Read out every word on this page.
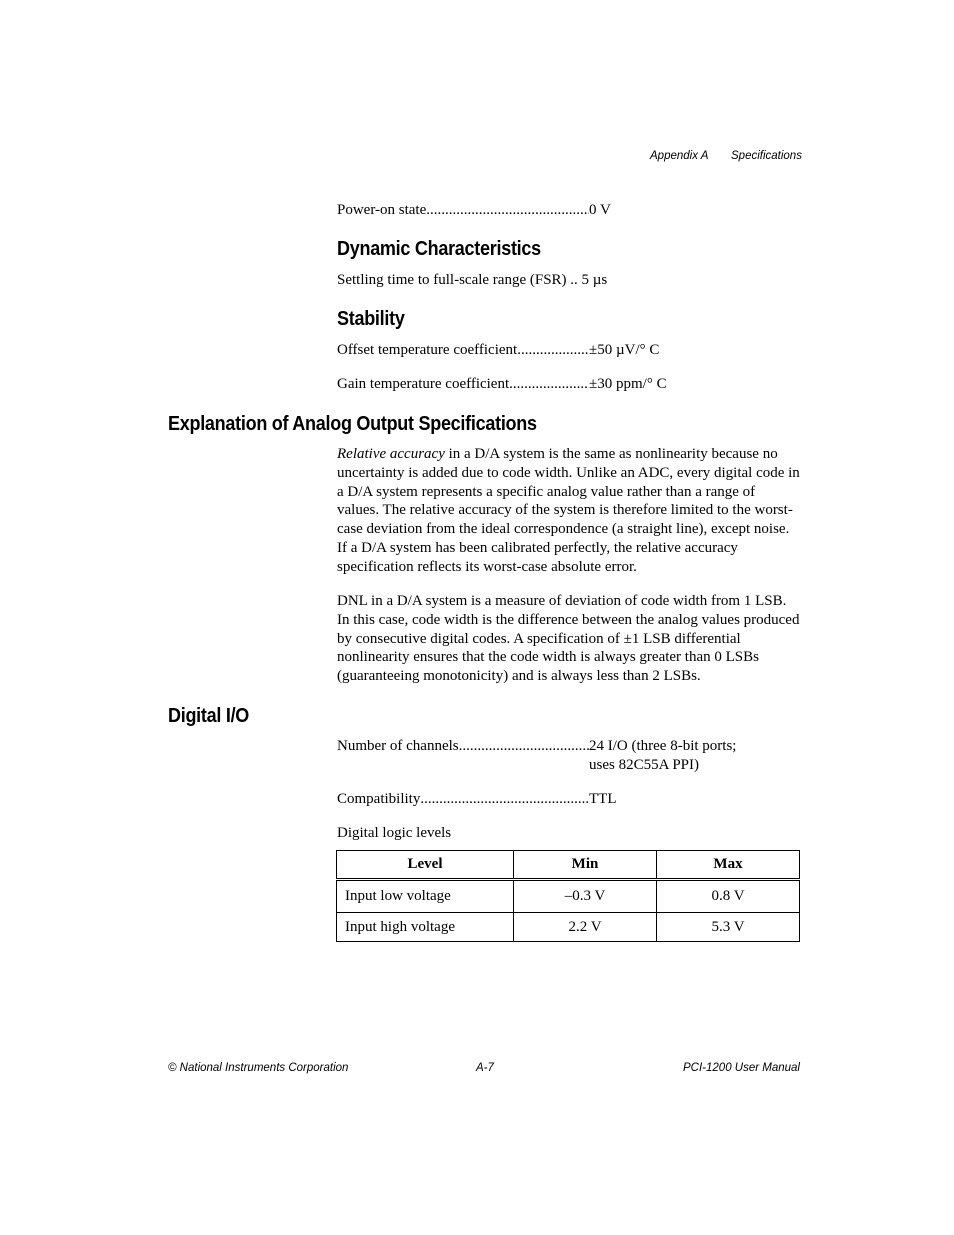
Appendix A Specifications
Power-on state .....	0 V
Dynamic Characteristics
Settling time to full-scale range (FSR) .. 5 µs
Stability
Offset temperature coefficient .....	±50 µV/° C
Gain temperature coefficient .....	±30 ppm/° C
Explanation of Analog Output Specifications
Relative accuracy in a D/A system is the same as nonlinearity because no uncertainty is added due to code width. Unlike an ADC, every digital code in a D/A system represents a specific analog value rather than a range of values. The relative accuracy of the system is therefore limited to the worst-case deviation from the ideal correspondence (a straight line), except noise. If a D/A system has been calibrated perfectly, the relative accuracy specification reflects its worst-case absolute error.
DNL in a D/A system is a measure of deviation of code width from 1 LSB. In this case, code width is the difference between the analog values produced by consecutive digital codes. A specification of ±1 LSB differential nonlinearity ensures that the code width is always greater than 0 LSBs (guaranteeing monotonicity) and is always less than 2 LSBs.
Digital I/O
Number of channels .....	24 I/O (three 8-bit ports;
uses 82C55A PPI)
Compatibility .....	TTL
Digital logic levels
Level	Min	Max
Input low voltage	–0.3 V	0.8 V
Input high voltage	2.2 V	5.3 V
© National Instruments Corporation	A-7	PCI-1200 User Manual
